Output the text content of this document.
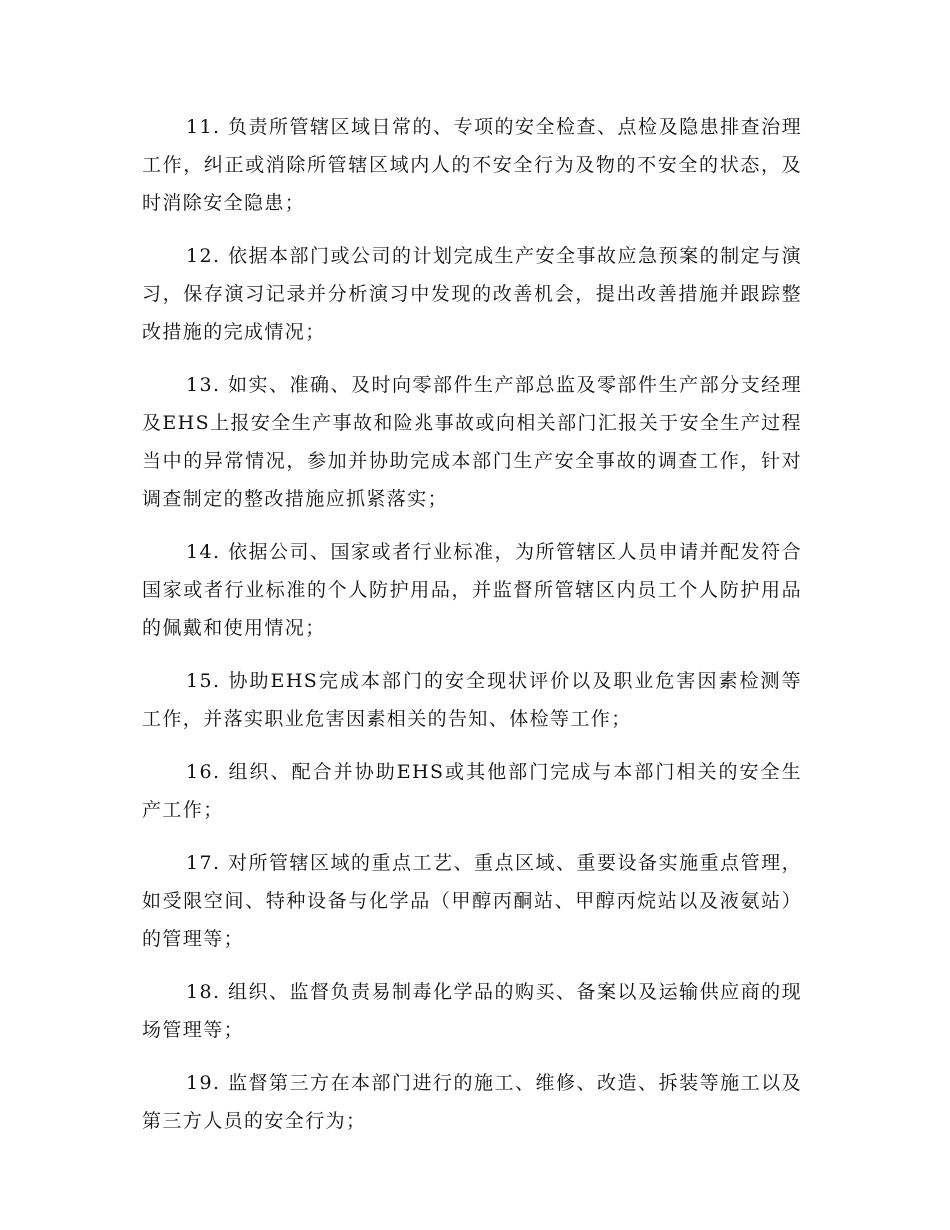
11. 负责所管辖区域日常的、专项的安全检查、点检及隐患排查治理工作，纠正或消除所管辖区域内人的不安全行为及物的不安全的状态，及时消除安全隐患；

12. 依据本部门或公司的计划完成生产安全事故应急预案的制定与演习，保存演习记录并分析演习中发现的改善机会，提出改善措施并跟踪整改措施的完成情况；

13. 如实、准确、及时向零部件生产部总监及零部件生产部分支经理及EHS上报安全生产事故和险兆事故或向相关部门汇报关于安全生产过程当中的异常情况，参加并协助完成本部门生产安全事故的调查工作，针对调查制定的整改措施应抓紧落实；

14. 依据公司、国家或者行业标准，为所管辖区人员申请并配发符合国家或者行业标准的个人防护用品，并监督所管辖区内员工个人防护用品的佩戴和使用情况；

15. 协助EHS完成本部门的安全现状评价以及职业危害因素检测等工作，并落实职业危害因素相关的告知、体检等工作；

16. 组织、配合并协助EHS或其他部门完成与本部门相关的安全生产工作；

17. 对所管辖区域的重点工艺、重点区域、重要设备实施重点管理，如受限空间、特种设备与化学品（甲醇丙酮站、甲醇丙烷站以及液氨站）的管理等；

18. 组织、监督负责易制毒化学品的购买、备案以及运输供应商的现场管理等；

19. 监督第三方在本部门进行的施工、维修、改造、拆装等施工以及第三方人员的安全行为；
